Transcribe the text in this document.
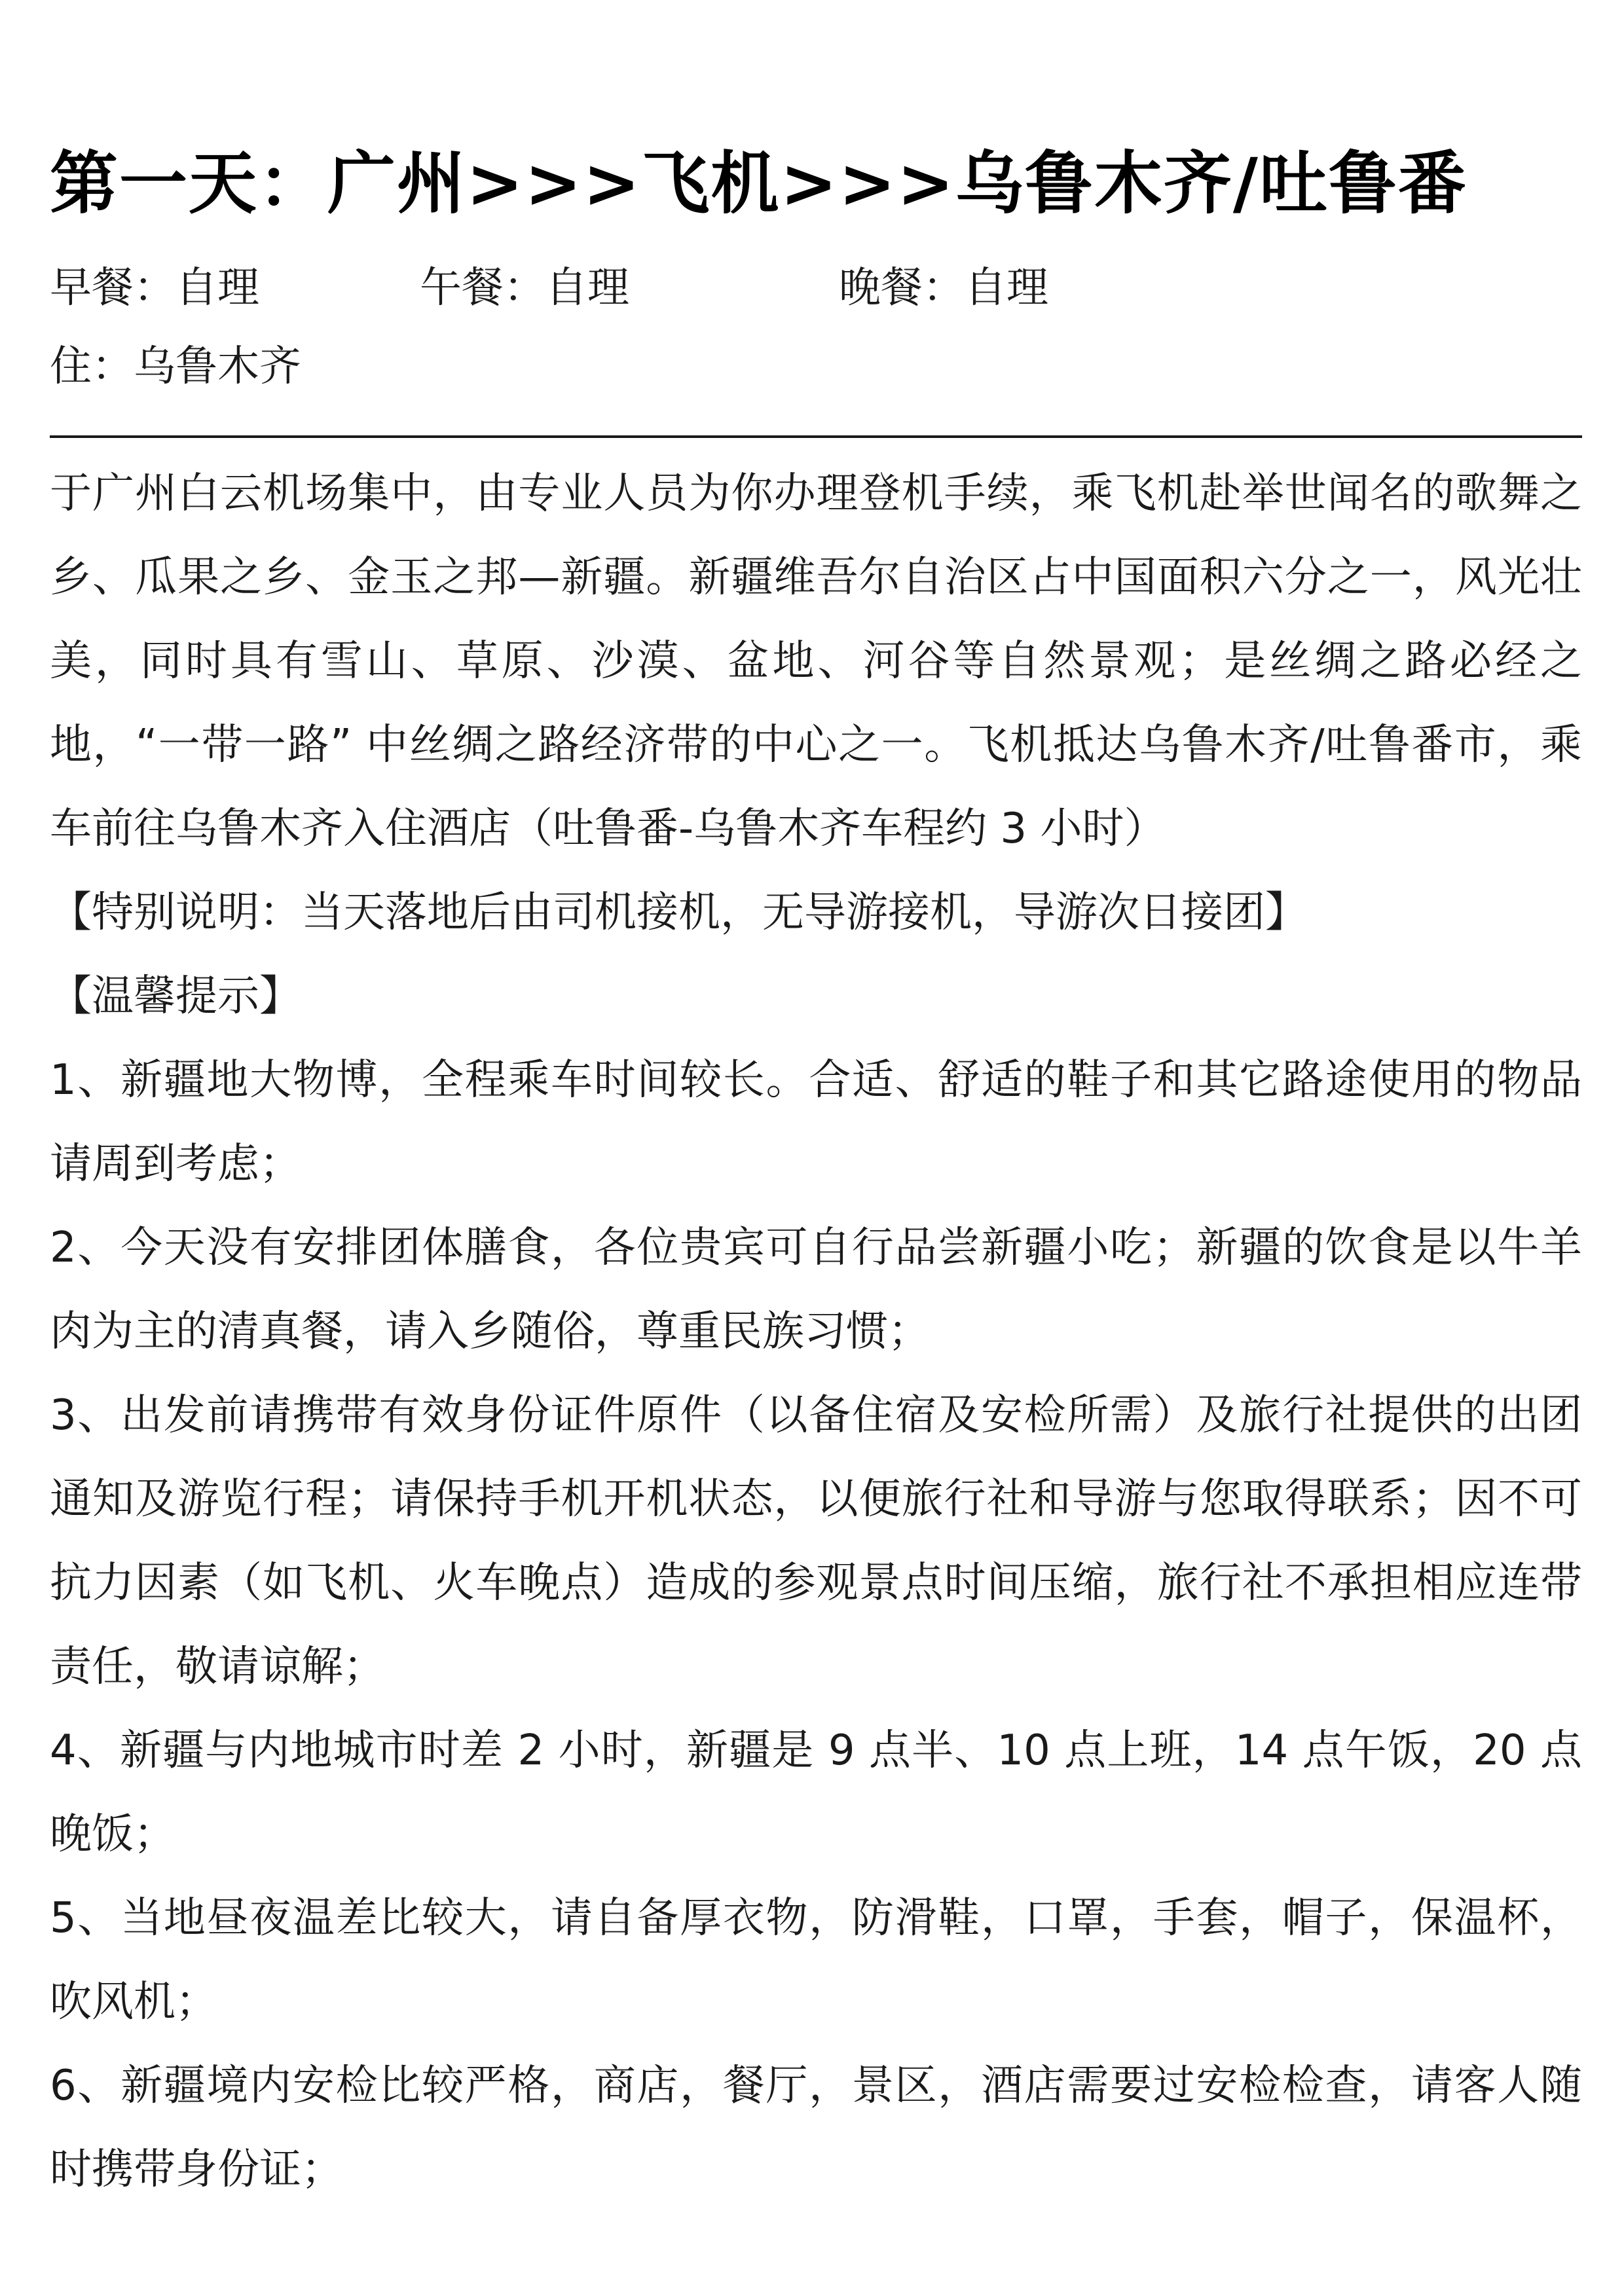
第一天：广州>>>飞机>>>乌鲁木齐/吐鲁番
早餐：自理	午餐：自理	晚餐：自理
住：乌鲁木齐

于广州白云机场集中，由专业人员为你办理登机手续，乘飞机赴举世闻名的歌舞之乡、瓜果之乡、金玉之邦—新疆。新疆维吾尔自治区占中国面积六分之一，风光壮美，同时具有雪山、草原、沙漠、盆地、河谷等自然景观；是丝绸之路必经之地，“一带一路” 中丝绸之路经济带的中心之一。飞机抵达乌鲁木齐/吐鲁番市，乘车前往乌鲁木齐入住酒店（吐鲁番-乌鲁木齐车程约 3 小时）

【特别说明：当天落地后由司机接机，无导游接机，导游次日接团】

【温馨提示】

1、新疆地大物博，全程乘车时间较长。合适、舒适的鞋子和其它路途使用的物品请周到考虑；

2、今天没有安排团体膳食，各位贵宾可自行品尝新疆小吃；新疆的饮食是以牛羊肉为主的清真餐，请入乡随俗，尊重民族习惯；

3、出发前请携带有效身份证件原件（以备住宿及安检所需）及旅行社提供的出团通知及游览行程；请保持手机开机状态，以便旅行社和导游与您取得联系；因不可抗力因素（如飞机、火车晚点）造成的参观景点时间压缩，旅行社不承担相应连带责任，敬请谅解；

4、新疆与内地城市时差 2 小时，新疆是 9 点半、10 点上班，14 点午饭，20 点晚饭；

5、当地昼夜温差比较大，请自备厚衣物，防滑鞋，口罩，手套，帽子，保温杯，吹风机；

6、新疆境内安检比较严格，商店，餐厅，景区，酒店需要过安检检查，请客人随时携带身份证；
